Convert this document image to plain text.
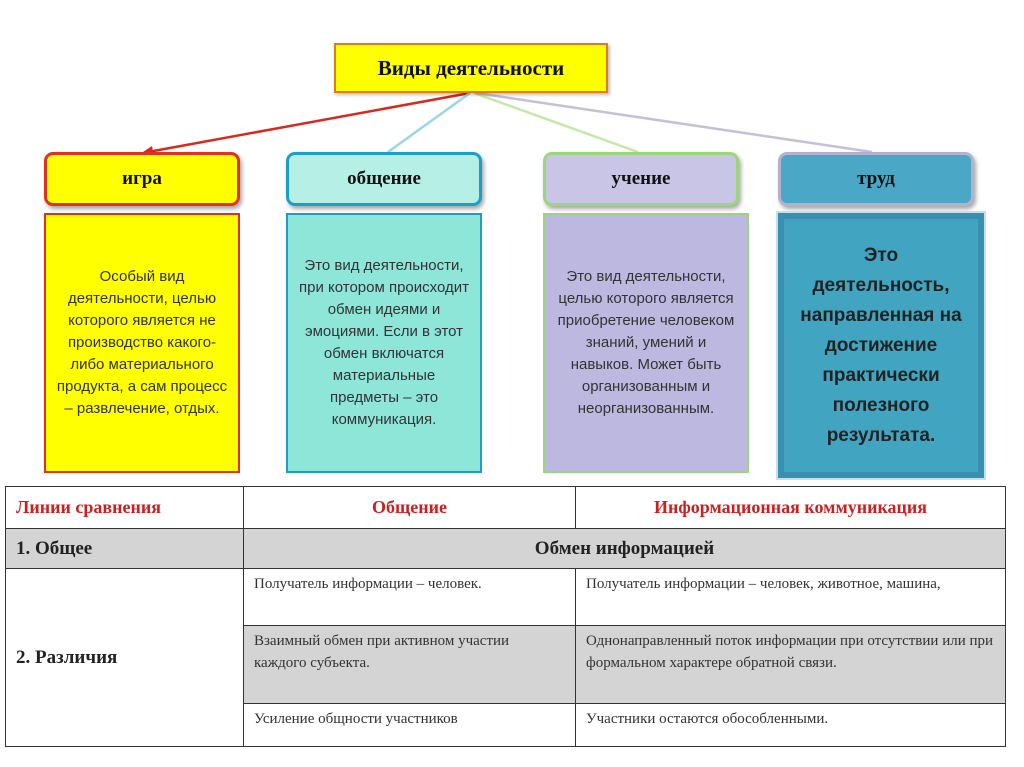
Виды деятельности
игра	общение	учение	труд
Особый вид деятельности, целью которого является не производство какого-либо материального продукта, а сам процесс – развлечение, отдых.
Это вид деятельности, при котором происходит обмен идеями и эмоциями. Если в этот обмен включатся материальные предметы – это коммуникация.
Это вид деятельности, целью которого является приобретение человеком знаний, умений и навыков. Может быть организованным и неорганизованным.
Это деятельность, направленная на достижение практически полезного результата.
Линии сравнения	Общение	Информационная коммуникация
1. Общее	Обмен информацией	
2. Различия	Получатель информации – человек.	Получатель информации – человек, животное, машина,
	Взаимный обмен при активном участии каждого субъекта.	Однонаправленный поток информации при отсутствии или при формальном характере обратной связи.
	Усиление общности участников	Участники остаются обособленными.
